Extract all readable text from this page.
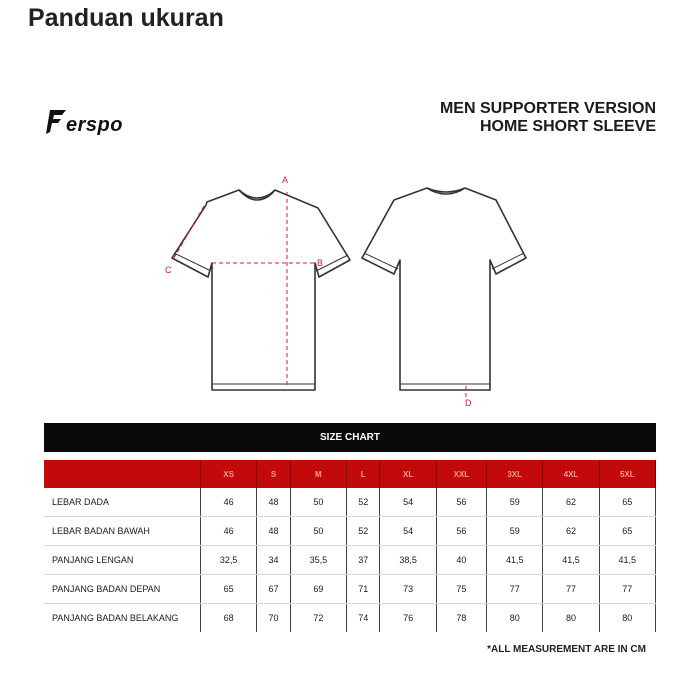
Panduan ukuran
erspo
MEN SUPPORTER VERSION
HOME SHORT SLEEVE
A
B
C
D
SIZE CHART
	XS	S	M	L	XL	XXL	3XL	4XL	5XL
LEBAR DADA	46	48	50	52	54	56	59	62	65
LEBAR BADAN BAWAH	46	48	50	52	54	56	59	62	65
PANJANG LENGAN	32,5	34	35,5	37	38,5	40	41,5	41,5	41,5
PANJANG BADAN DEPAN	65	67	69	71	73	75	77	77	77
PANJANG BADAN BELAKANG	68	70	72	74	76	78	80	80	80
*ALL MEASUREMENT ARE IN CM
